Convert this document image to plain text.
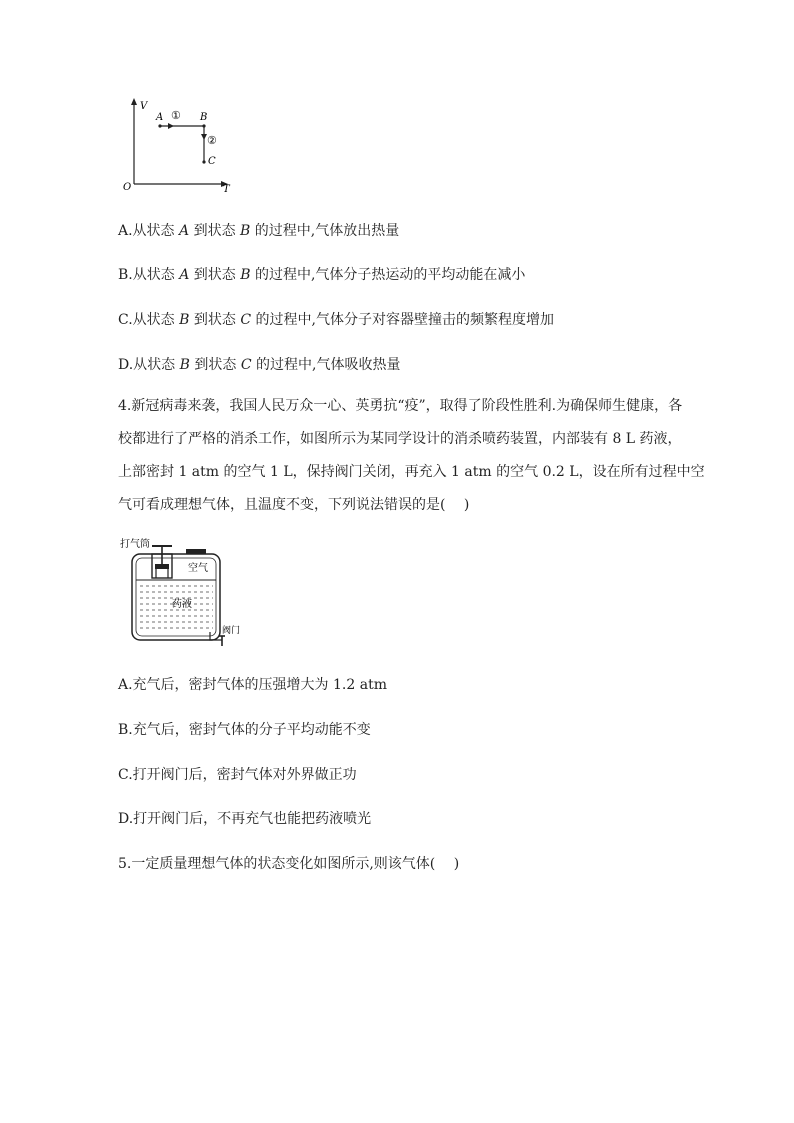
V
T
O
A	B
C
①
②
A.从状态 A 到状态 B 的过程中,气体放出热量
B.从状态 A 到状态 B 的过程中,气体分子热运动的平均动能在减小
C.从状态 B 到状态 C 的过程中,气体分子对容器壁撞击的频繁程度增加
D.从状态 B 到状态 C 的过程中,气体吸收热量
4.新冠病毒来袭，我国人民万众一心、英勇抗“疫”，取得了阶段性胜利.为确保师生健康，各
校都进行了严格的消杀工作，如图所示为某同学设计的消杀喷药装置，内部装有 8 L 药液，
上部密封 1 atm 的空气 1 L，保持阀门关闭，再充入 1 atm 的空气 0.2 L，设在所有过程中空
气可看成理想气体，且温度不变，下列说法错误的是(　 )
打气筒
空气
药液
阀门
A.充气后，密封气体的压强增大为 1.2 atm
B.充气后，密封气体的分子平均动能不变
C.打开阀门后，密封气体对外界做正功
D.打开阀门后，不再充气也能把药液喷光
5.一定质量理想气体的状态变化如图所示,则该气体(　 )
